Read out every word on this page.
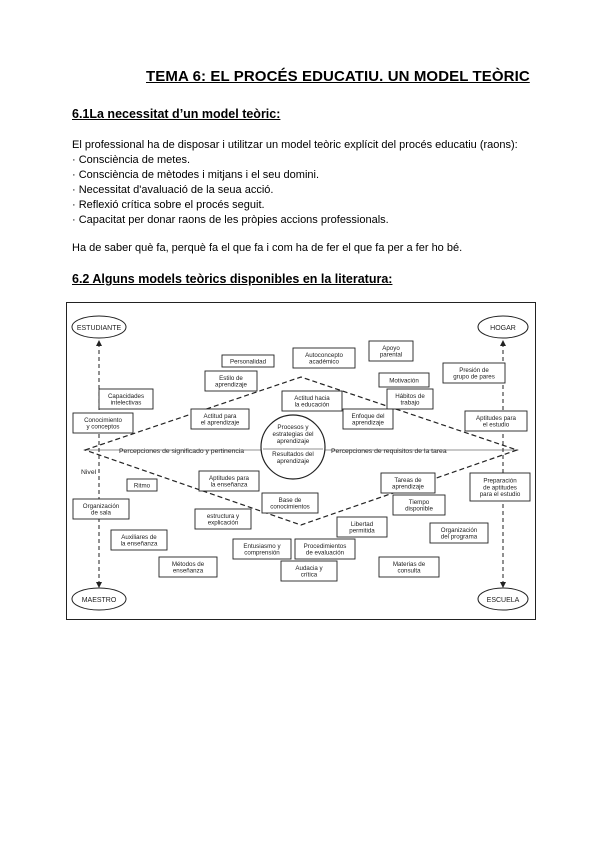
TEMA 6: EL PROCÉS EDUCATIU. UN MODEL TEÒRIC
6.1La necessitat d’un model teòric:
El professional ha de disposar i utilitzar un model teòric explícit del procés educatiu (raons):
· Consciència de metes.
· Consciència de mètodes i mitjans i el seu domini.
· Necessitat d'avaluació de la seua acció.
· Reflexió crítica sobre el procés seguit.
· Capacitat per donar raons de les pròpies accions professionals.
Ha de saber què fa, perquè fa el que fa i com ha de fer el que fa per a fer ho bé.
6.2 Alguns models teòrics disponibles en la literatura:
Procesos y
estrategias del
aprendizaje
Resultados del
aprendizaje
Percepciones de significado y pertinencia	Percepciones de requisitos de la tarea
Nivel
ESTUDIANTE	HOGAR
MAESTRO	ESCUELA
Personalidad
Autoconcepto
académico
Apoyo
parental
Estilo de
aprendizaje
Capacidades
intelectivas
Motivación
Presión de
grupo de pares
Hábitos de
trabajo
Conocimiento
y conceptos
Actitud para
el aprendizaje
Actitud hacia
la educación
Enfoque del
aprendizaje
Aptitudes para
el estudio
Ritmo
Aptitudes para
la enseñanza
Tareas de
aprendizaje
Preparación
de aptitudes
para el estudio
Organización
de sala
Base de
conocimientos
Tiempo
disponible
estructura y
explicación	Libertad
permitida	Organización
del programa
Auxiliares de
la enseñanza	Entusiasmo y
comprensión
Procedimientos
de evaluación
Métodos de
enseñanza	Audacia y
crítica
Materias de
consulta
